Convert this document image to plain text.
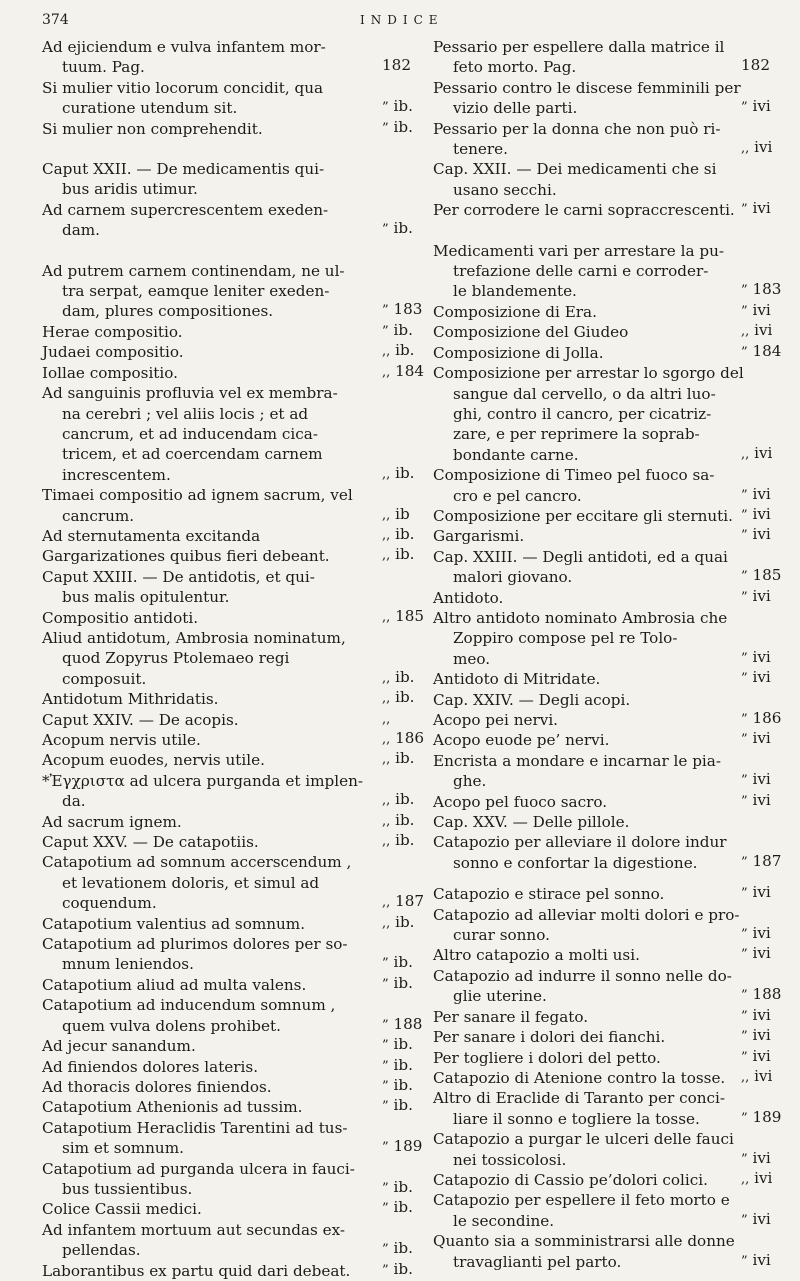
374	INDICE
Ad ejiciendum e vulva infantem mor-
tuum. Pag.	182
Si mulier vitio locorum concidit, qua
curatione utendum sit.	” ib.
Si mulier non comprehendit.	” ib.
Caput XXII. — De medicamentis qui-
bus aridis utimur.
Ad carnem supercrescentem exeden-
dam.	” ib.
Ad putrem carnem continendam, ne ul-
tra serpat, eamque leniter exeden-
dam, plures compositiones.	” 183
Herae compositio.	” ib.
Judaei compositio.	,, ib.
Iollae compositio.	,, 184
Ad sanguinis profluvia vel ex membra-
na cerebri ; vel aliis locis ; et ad
cancrum, et ad inducendam cica-
tricem, et ad coercendam carnem
increscentem.	,, ib.
Timaei compositio ad ignem sacrum, vel
cancrum.	,, ib
Ad sternutamenta excitanda	,, ib.
Gargarizationes quibus fieri debeant.	,, ib.
Caput XXIII. — De antidotis, et qui-
bus malis opitulentur.
Compositio antidoti.	,, 185
Aliud antidotum, Ambrosia nominatum,
quod Zopyrus Ptolemaeo regi
composuit.	,, ib.
Antidotum Mithridatis.	,, ib.
Caput XXIV. — De acopis.	,,
Acopum nervis utile.	,, 186
Acopum euodes, nervis utile.	,, ib.
*Ἐγχριστα ad ulcera purganda et implen-
da.	,, ib.
Ad sacrum ignem.	,, ib.
Caput XXV. — De catapotiis.	,, ib.
Catapotium ad somnum accerscendum ,
et levationem doloris, et simul ad
coquendum.	,, 187
Catapotium valentius ad somnum.	,, ib.
Catapotium ad plurimos dolores per so-
mnum leniendos.	” ib.
Catapotium aliud ad multa valens.	” ib.
Catapotium ad inducendum somnum ,
quem vulva dolens prohibet.	” 188
Ad jecur sanandum.	” ib.
Ad finiendos dolores lateris.	” ib.
Ad thoracis dolores finiendos.	” ib.
Catapotium Athenionis ad tussim.	” ib.
Catapotium Heraclidis Tarentini ad tus-
sim et somnum.	” 189
Catapotium ad purganda ulcera in fauci-
bus tussientibus.	” ib.
Colice Cassii medici.	” ib.
Ad infantem mortuum aut secundas ex-
pellendas.	” ib.
Laborantibus ex partu quid dari debeat.	” ib.
Pessario per espellere dalla matrice il
feto morto. Pag.	182
Pessario contro le discese femminili per
vizio delle parti.	” ivi
Pessario per la donna che non può ri-
tenere.	,, ivi
Cap. XXII. — Dei medicamenti che si
usano secchi.
Per corrodere le carni sopraccrescenti. ” ivi
Medicamenti vari per arrestare la pu-
trefazione delle carni e corroder-
le blandemente.	” 183
Composizione di Era.	” ivi
Composizione del Giudeo	,, ivi
Composizione di Jolla.	” 184
Composizione per arrestar lo sgorgo del
sangue dal cervello, o da altri luo-
ghi, contro il cancro, per cicatriz-
zare, e per reprimere la soprab-
bondante carne.	,, ivi
Composizione di Timeo pel fuoco sa-
cro e pel cancro.	” ivi
Composizione per eccitare gli sternuti. ” ivi
Gargarismi.	” ivi
Cap. XXIII. — Degli antidoti, ed a quai
malori giovano.	” 185
Antidoto.	” ivi
Altro antidoto nominato Ambrosia che
Zoppiro compose pel re Tolo-
meo.	” ivi
Antidoto di Mitridate.	” ivi
Cap. XXIV. — Degli acopi.
Acopo pei nervi.	” 186
Acopo euode pe’ nervi.	” ivi
Encrista a mondare e incarnar le pia-
ghe.	” ivi
Acopo pel fuoco sacro.	” ivi
Cap. XXV. — Delle pillole.
Catapozio per alleviare il dolore indur
sonno e confortar la digestione.	” 187
Catapozio e stirace pel sonno.	” ivi
Catapozio ad alleviar molti dolori e pro-
curar sonno.	” ivi
Altro catapozio a molti usi.	” ivi
Catapozio ad indurre il sonno nelle do-
glie uterine.	” 188
Per sanare il fegato.	” ivi
Per sanare i dolori dei fianchi.	” ivi
Per togliere i dolori del petto.	” ivi
Catapozio di Atenione contro la tosse.	,, ivi
Altro di Eraclide di Taranto per conci-
liare il sonno e togliere la tosse.	” 189
Catapozio a purgar le ulceri delle fauci
nei tossicolosi.	” ivi
Catapozio di Cassio pe’dolori colici.	,, ivi
Catapozio per espellere il feto morto e
le secondine.	” ivi
Quanto sia a somministrarsi alle donne
travaglianti pel parto.	” ivi
